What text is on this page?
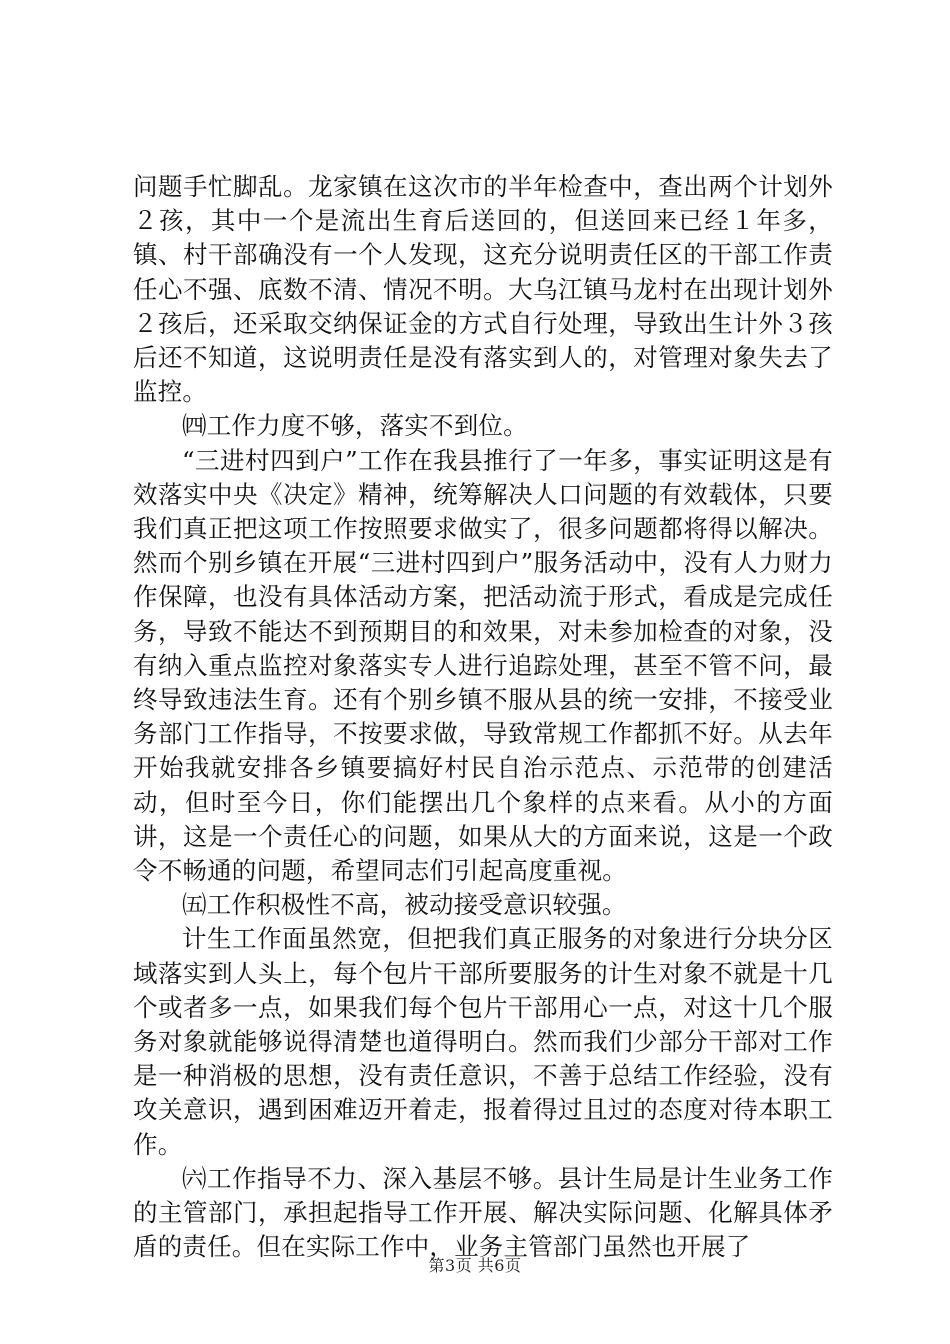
问题手忙脚乱。龙家镇在这次市的半年检查中，查出两个计划外２孩，其中一个是流出生育后送回的，但送回来已经１年多，镇、村干部确没有一个人发现，这充分说明责任区的干部工作责任心不强、底数不清、情况不明。大乌江镇马龙村在出现计划外２孩后，还采取交纳保证金的方式自行处理，导致出生计外３孩后还不知道，这说明责任是没有落实到人的，对管理对象失去了监控。

㈣工作力度不够，落实不到位。

“三进村四到户”工作在我县推行了一年多，事实证明这是有效落实中央《决定》精神，统筹解决人口问题的有效载体，只要我们真正把这项工作按照要求做实了，很多问题都将得以解决。然而个别乡镇在开展“三进村四到户”服务活动中，没有人力财力作保障，也没有具体活动方案，把活动流于形式，看成是完成任务，导致不能达不到预期目的和效果，对未参加检查的对象，没有纳入重点监控对象落实专人进行追踪处理，甚至不管不问，最终导致违法生育。还有个别乡镇不服从县的统一安排，不接受业务部门工作指导，不按要求做，导致常规工作都抓不好。从去年开始我就安排各乡镇要搞好村民自治示范点、示范带的创建活动，但时至今日，你们能摆出几个象样的点来看。从小的方面讲，这是一个责任心的问题，如果从大的方面来说，这是一个政令不畅通的问题，希望同志们引起高度重视。

㈤工作积极性不高，被动接受意识较强。

计生工作面虽然宽，但把我们真正服务的对象进行分块分区域落实到人头上，每个包片干部所要服务的计生对象不就是十几个或者多一点，如果我们每个包片干部用心一点，对这十几个服务对象就能够说得清楚也道得明白。然而我们少部分干部对工作是一种消极的思想，没有责任意识，不善于总结工作经验，没有攻关意识，遇到困难迈开着走，报着得过且过的态度对待本职工作。

㈥工作指导不力、深入基层不够。县计生局是计生业务工作的主管部门，承担起指导工作开展、解决实际问题、化解具体矛盾的责任。但在实际工作中，业务主管部门虽然也开展了

第3页 共6页
